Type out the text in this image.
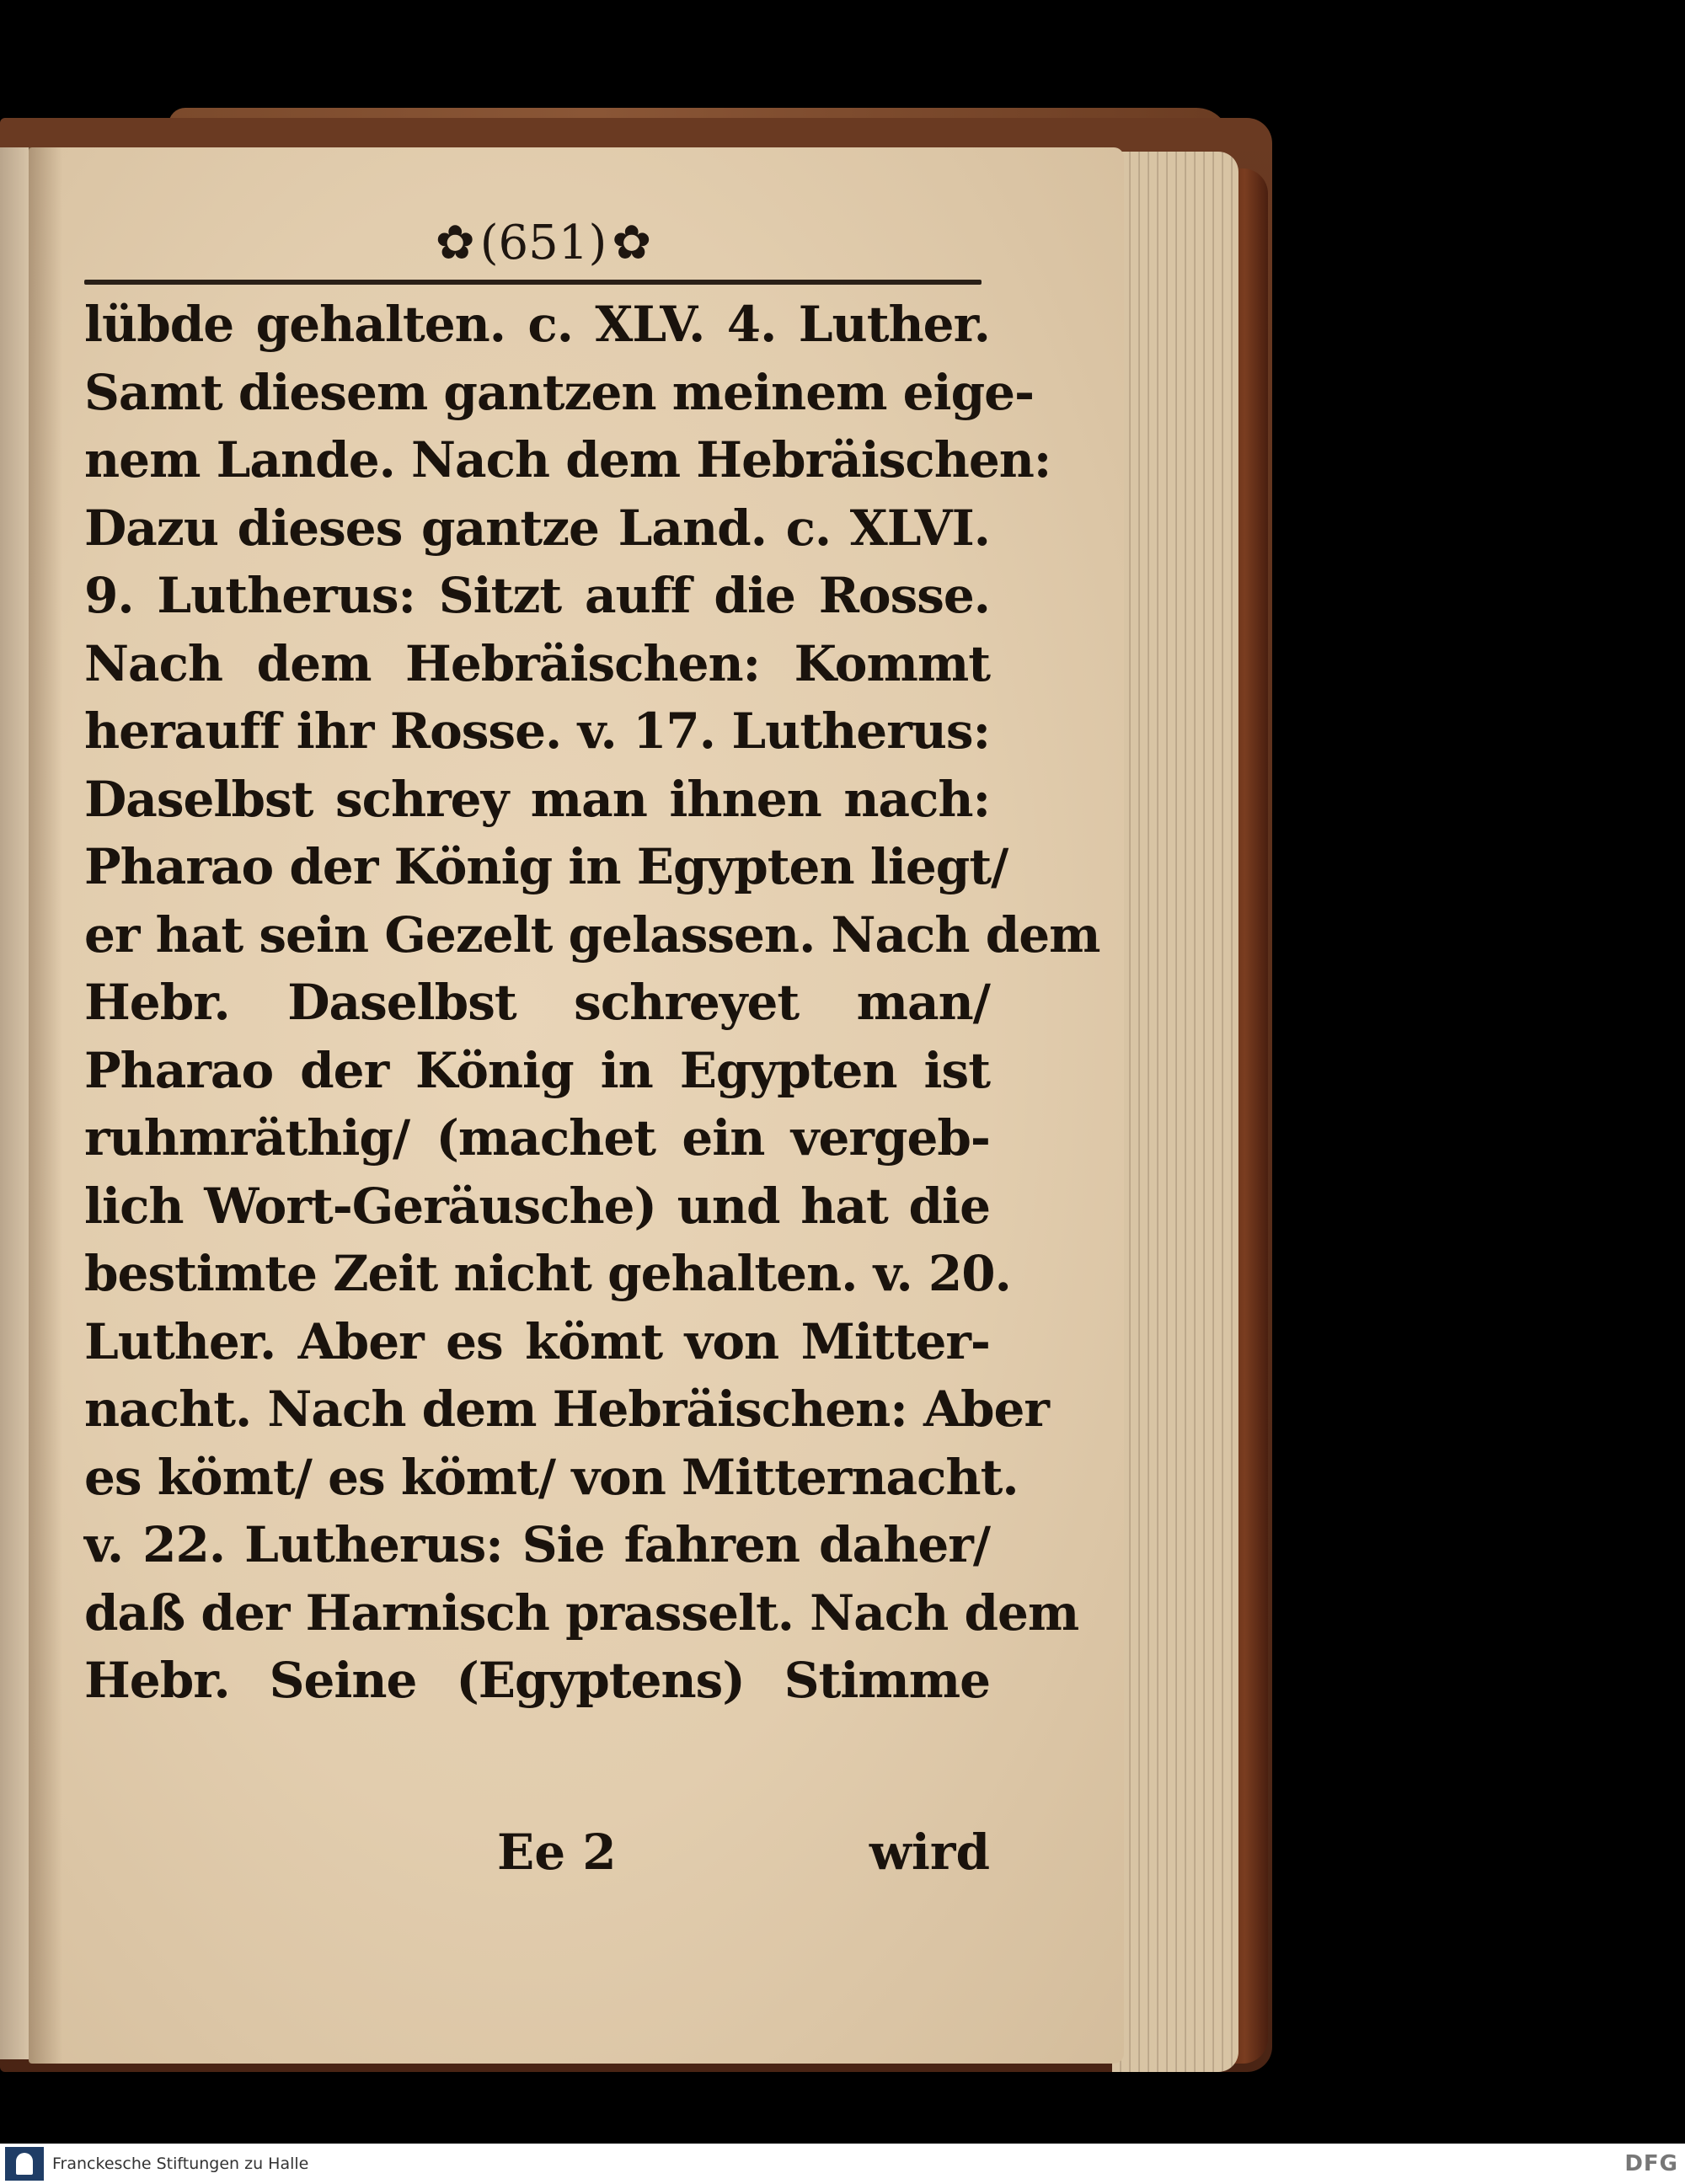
✿ (651) ✿
lübde gehalten. c. XLV. 4. Luther.
Samt diesem gantzen meinem eige-
nem Lande. Nach dem Hebräischen:
Dazu dieses gantze Land. c. XLVI.
9. Lutherus: Sitzt auff die Rosse.
Nach dem Hebräischen: Kommt
herauff ihr Rosse. v. 17. Lutherus:
Daselbst schrey man ihnen nach:
Pharao der König in Egypten liegt/
er hat sein Gezelt gelassen. Nach dem
Hebr. Daselbst schreyet man/
Pharao der König in Egypten ist
ruhmräthig/ (machet ein vergeb-
lich Wort-Geräusche) und hat die
bestimte Zeit nicht gehalten. v. 20.
Luther. Aber es kömt von Mitter-
nacht. Nach dem Hebräischen: Aber
es kömt/ es kömt/ von Mitternacht.
v. 22. Lutherus: Sie fahren daher/
daß der Harnisch prasselt. Nach dem
Hebr. Seine (Egyptens) Stimme
Ee 2	wird
Franckesche Stiftungen zu Halle	DFG
